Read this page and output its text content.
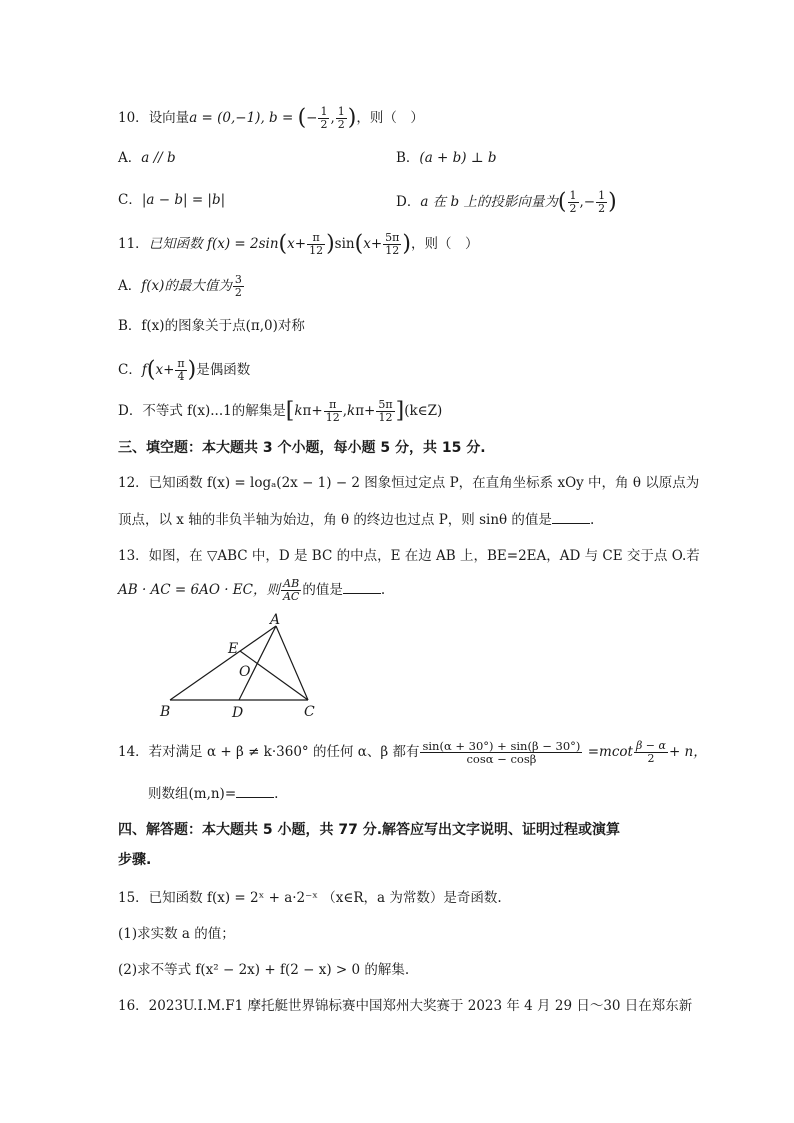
10．设向量a = (0,−1), b = (− $\frac{1}{2}$ , $\frac{1}{2}$ )，则（　）
A．a // b	B．(a + b) ⊥ b
C．|a − b| = |b|	D．a 在 b 上的投影向量为( $\frac{1}{2}$ ,− $\frac{1}{2}$ )
11．已知函数 $f(x) = 2\sin(x+ \frac{\pi}{12} )\sin(x+ \frac{5\pi}{12}$ )，则（　）
A．f(x)的最大值为 $\frac{3}{2}$
B．f(x)的图象关于点(π,0)对称
C．$f(x+ \frac{\pi}{4}$ )是偶函数
D．不等式 f(x)...1的解集是[$k\pi+ \frac{\pi}{12} ,k\pi+ \frac{5\pi}{12}$ ](k∈Z)
三、填空题：本大题共 3 个小题，每小题 5 分，共 15 分.
12．已知函数 f(x) = logₐ(2x − 1) − 2 图象恒过定点 P，在直角坐标系 xOy 中，角 θ 以原点为
顶点，以 x 轴的非负半轴为始边，角 θ 的终边也过点 P，则 sinθ 的值是	.
13．如图，在 ▽ABC 中，D 是 BC 的中点，E 在边 AB 上，BE=2EA，AD 与 CE 交于点 O.若
AB · AC = 6AO · EC，则 $\frac{AB}{AC}$ 的值是	.
A
B	C
D
E
O
14．若对满足 α + β ≠ k·360° 的任何 α、β 都有 $\frac{\sin(\alpha + 30^\circ) + \sin(\beta - 30^\circ)}{\cos\alpha - \cos\beta} =mcot \frac{\beta - \alpha}{2} + n$，
则数组(m,n)=	.
四、解答题：本大题共 5 小题，共 77 分.解答应写出文字说明、证明过程或演算
步骤.
15．已知函数 f(x) = 2ˣ + a·2⁻ˣ （x∈R，a 为常数）是奇函数.
(1)求实数 a 的值；
(2)求不等式 f(x² − 2x) + f(2 − x) > 0 的解集.
16．2023U.I.M.F1 摩托艇世界锦标赛中国郑州大奖赛于 2023 年 4 月 29 日～30 日在郑东新
